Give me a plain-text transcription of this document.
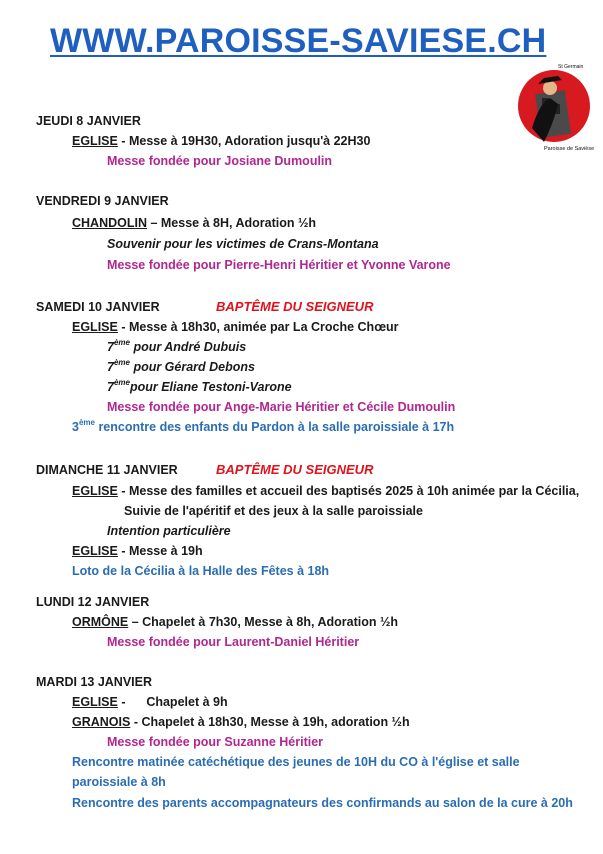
WWW.PAROISSE-SAVIESE.CH
St Germain
Paroisse de Savièse
JEUDI 8 JANVIER
EGLISE - Messe à 19H30, Adoration jusqu'à 22H30
Messe fondée pour Josiane Dumoulin
VENDREDI 9 JANVIER
CHANDOLIN – Messe à 8H, Adoration ½h
Souvenir pour les victimes de Crans-Montana
Messe fondée pour Pierre-Henri Héritier et Yvonne Varone
SAMEDI 10 JANVIER	BAPTÊME DU SEIGNEUR
EGLISE - Messe à 18h30, animée par La Croche Chœur
7ème pour André Dubuis
7ème pour Gérard Debons
7èmepour Eliane Testoni-Varone
Messe fondée pour Ange-Marie Héritier et Cécile Dumoulin
3ème rencontre des enfants du Pardon à la salle paroissiale à 17h
DIMANCHE 11 JANVIER	BAPTÊME DU SEIGNEUR
EGLISE - Messe des familles et accueil des baptisés 2025 à 10h animée par la Cécilia,
Suivie de l'apéritif et des jeux à la salle paroissiale
Intention particulière
EGLISE - Messe à 19h
Loto de la Cécilia à la Halle des Fêtes à 18h
LUNDI 12 JANVIER
ORMÔNE – Chapelet à 7h30, Messe à 8h, Adoration ½h
Messe fondée pour Laurent-Daniel Héritier
MARDI 13 JANVIER
EGLISE -      Chapelet à 9h
GRANOIS - Chapelet à 18h30, Messe à 19h, adoration ½h
Messe fondée pour Suzanne Héritier
Rencontre matinée catéchétique des jeunes de 10H du CO à l'église et salle
paroissiale à 8h
Rencontre des parents accompagnateurs des confirmands au salon de la cure à 20h
